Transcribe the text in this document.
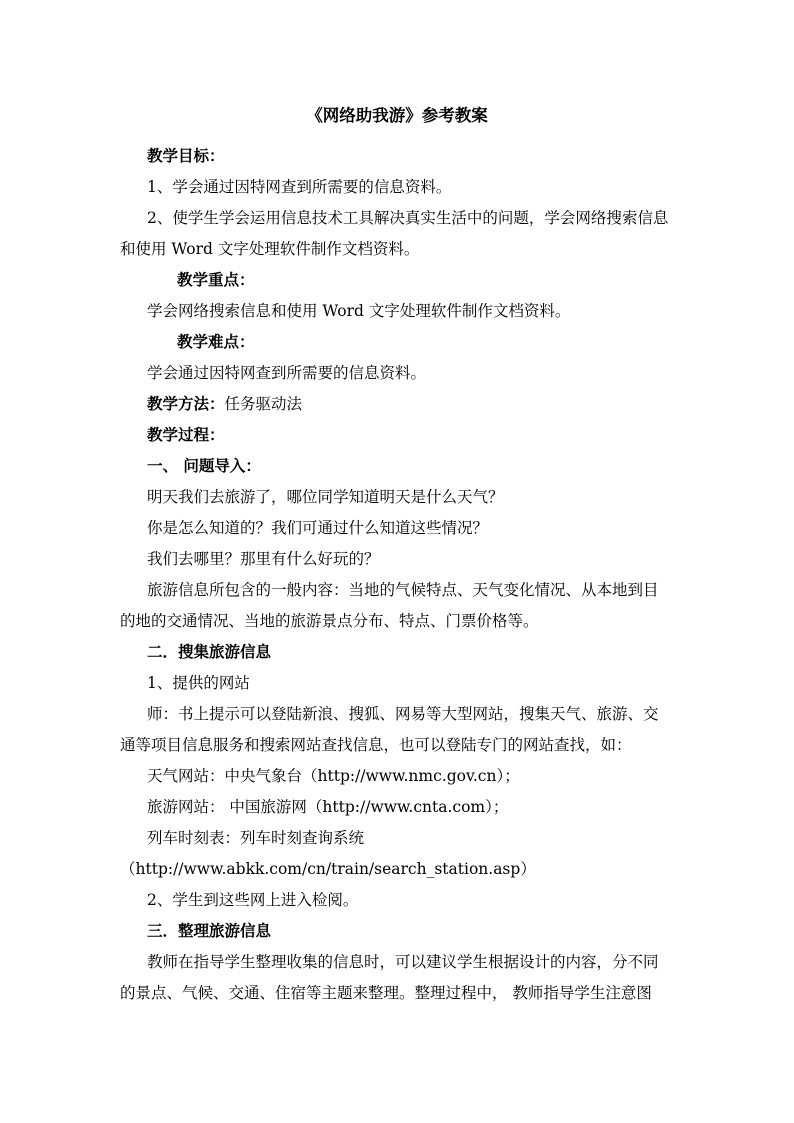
《网络助我游》参考教案
教学目标：
1、学会通过因特网查到所需要的信息资料。
2、使学生学会运用信息技术工具解决真实生活中的问题，学会网络搜索信息
和使用 Word 文字处理软件制作文档资料。
教学重点：
学会网络搜索信息和使用 Word 文字处理软件制作文档资料。
教学难点：
学会通过因特网查到所需要的信息资料。
教学方法：任务驱动法
教学过程：
一、 问题导入：
明天我们去旅游了，哪位同学知道明天是什么天气？
你是怎么知道的？我们可通过什么知道这些情况？
我们去哪里？那里有什么好玩的？
旅游信息所包含的一般内容：当地的气候特点、天气变化情况、从本地到目
的地的交通情况、当地的旅游景点分布、特点、门票价格等。
二．搜集旅游信息
1、提供的网站
师：书上提示可以登陆新浪、搜狐、网易等大型网站，搜集天气、旅游、交
通等项目信息服务和搜索网站查找信息，也可以登陆专门的网站查找，如：
天气网站：中央气象台（http://www.nmc.gov.cn）；
旅游网站： 中国旅游网（http://www.cnta.com）；
列车时刻表：列车时刻查询系统
（http://www.abkk.com/cn/train/search_station.asp）
2、学生到这些网上进入检阅。
三．整理旅游信息
教师在指导学生整理收集的信息时，可以建议学生根据设计的内容，分不同
的景点、气候、交通、住宿等主题来整理。整理过程中， 教师指导学生注意图
